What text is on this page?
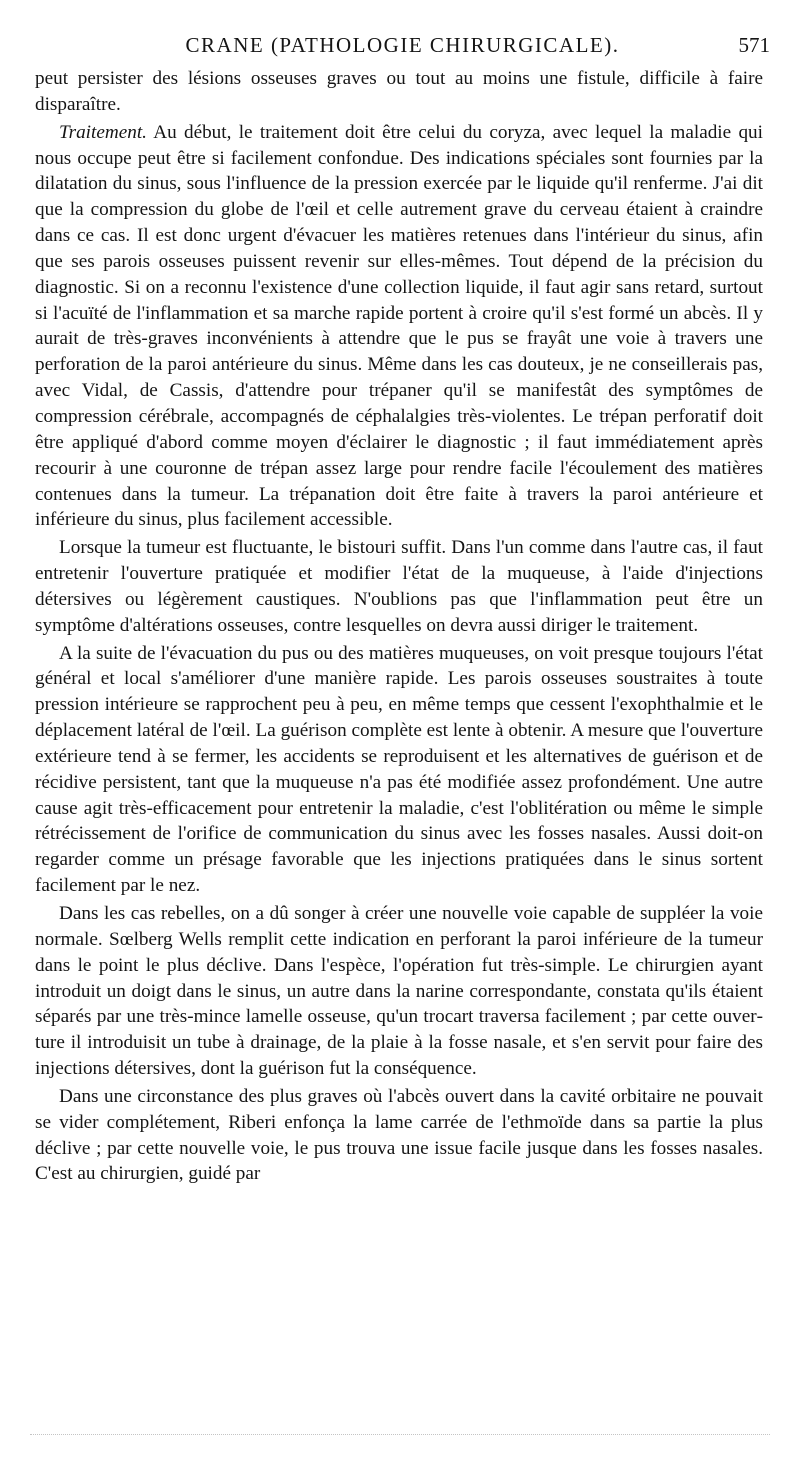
CRANE (PATHOLOGIE CHIRURGICALE).	571

peut persister des lésions osseuses graves ou tout au moins une fistule, difficile à faire disparaître.

Traitement. Au début, le traitement doit être celui du coryza, avec lequel la maladie qui nous occupe peut être si facilement confondue. Des indications spéciales sont fournies par la dilatation du sinus, sous l'influence de la pression exercée par le liquide qu'il renferme. J'ai dit que la compression du globe de l'œil et celle autrement grave du cerveau étaient à craindre dans ce cas. Il est donc urgent d'évacuer les matières retenues dans l'intérieur du sinus, afin que ses parois osseuses puissent revenir sur elles-mêmes. Tout dépend de la précision du diagnostic. Si on a reconnu l'existence d'une collection liquide, il faut agir sans retard, surtout si l'acuïté de l'inflammation et sa marche rapide portent à croire qu'il s'est formé un abcès. Il y aurait de très-graves inconvénients à attendre que le pus se frayât une voie à travers une perforation de la paroi antérieure du sinus. Même dans les cas douteux, je ne conseillerais pas, avec Vidal, de Cassis, d'attendre pour trépaner qu'il se manifestât des symptômes de compression cérébrale, accompagnés de céphalalgies très-violentes. Le trépan perforatif doit être appliqué d'abord comme moyen d'éclairer le diagnostic ; il faut immédiatement après recourir à une couronne de trépan assez large pour rendre facile l'écoulement des matières contenues dans la tumeur. La trépanation doit être faite à travers la paroi antérieure et inférieure du sinus, plus facilement accessible.

Lorsque la tumeur est fluctuante, le bistouri suffit. Dans l'un comme dans l'autre cas, il faut entretenir l'ouverture pratiquée et modifier l'état de la muqueuse, à l'aide d'injections détersives ou légèrement caustiques. N'oublions pas que l'inflammation peut être un symptôme d'altérations osseuses, contre lesquelles on devra aussi diriger le traitement.

A la suite de l'évacuation du pus ou des matières muqueuses, on voit presque toujours l'état général et local s'améliorer d'une manière rapide. Les parois osseuses soustraites à toute pression intérieure se rapprochent peu à peu, en même temps que cessent l'exophthalmie et le déplacement latéral de l'œil. La guérison complète est lente à obtenir. A mesure que l'ouverture extérieure tend à se fermer, les accidents se reproduisent et les alternatives de guérison et de récidive persistent, tant que la muqueuse n'a pas été modifiée assez profondément. Une autre cause agit très-efficacement pour entretenir la maladie, c'est l'oblitération ou même le simple rétrécissement de l'orifice de communication du sinus avec les fosses nasales. Aussi doit-on regarder comme un présage favorable que les injections pratiquées dans le sinus sortent facilement par le nez.

Dans les cas rebelles, on a dû songer à créer une nouvelle voie capable de suppléer la voie normale. Sœlberg Wells remplit cette indication en perforant la paroi inférieure de la tumeur dans le point le plus déclive. Dans l'espèce, l'opération fut très-simple. Le chirurgien ayant introduit un doigt dans le sinus, un autre dans la narine correspondante, constata qu'ils étaient séparés par une très-mince lamelle osseuse, qu'un trocart traversa facilement ; par cette ouverture il introduisit un tube à drainage, de la plaie à la fosse nasale, et s'en servit pour faire des injections détersives, dont la guérison fut la conséquence.

Dans une circonstance des plus graves où l'abcès ouvert dans la cavité orbitaire ne pouvait se vider complétement, Riberi enfonça la lame carrée de l'ethmoïde dans sa partie la plus déclive ; par cette nouvelle voie, le pus trouva une issue facile jusque dans les fosses nasales. C'est au chirurgien, guidé par
